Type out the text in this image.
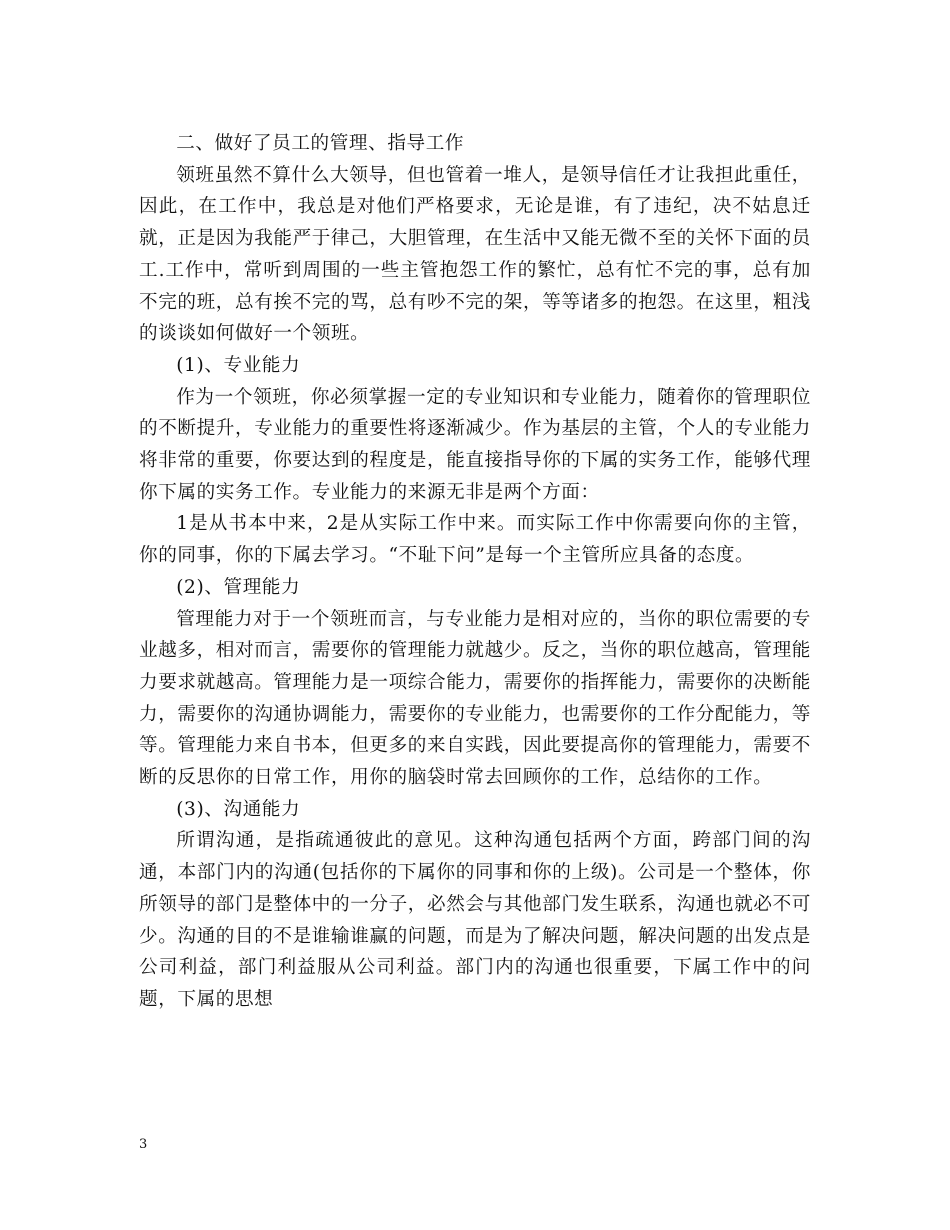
二、做好了员工的管理、指导工作

领班虽然不算什么大领导，但也管着一堆人，是领导信任才让我担此重任，因此，在工作中，我总是对他们严格要求，无论是谁，有了违纪，决不姑息迁就，正是因为我能严于律己，大胆管理，在生活中又能无微不至的关怀下面的员工.工作中，常听到周围的一些主管抱怨工作的繁忙，总有忙不完的事，总有加不完的班，总有挨不完的骂，总有吵不完的架，等等诸多的抱怨。在这里，粗浅的谈谈如何做好一个领班。

(1)、专业能力

作为一个领班，你必须掌握一定的专业知识和专业能力，随着你的管理职位的不断提升，专业能力的重要性将逐渐减少。作为基层的主管，个人的专业能力将非常的重要，你要达到的程度是，能直接指导你的下属的实务工作，能够代理你下属的实务工作。专业能力的来源无非是两个方面：

1是从书本中来，2是从实际工作中来。而实际工作中你需要向你的主管，你的同事，你的下属去学习。“不耻下问”是每一个主管所应具备的态度。

(2)、管理能力

管理能力对于一个领班而言，与专业能力是相对应的，当你的职位需要的专业越多，相对而言，需要你的管理能力就越少。反之，当你的职位越高，管理能力要求就越高。管理能力是一项综合能力，需要你的指挥能力，需要你的决断能力，需要你的沟通协调能力，需要你的专业能力，也需要你的工作分配能力，等等。管理能力来自书本，但更多的来自实践，因此要提高你的管理能力，需要不断的反思你的日常工作，用你的脑袋时常去回顾你的工作，总结你的工作。

(3)、沟通能力

所谓沟通，是指疏通彼此的意见。这种沟通包括两个方面，跨部门间的沟通，本部门内的沟通(包括你的下属你的同事和你的上级)。公司是一个整体，你所领导的部门是整体中的一分子，必然会与其他部门发生联系，沟通也就必不可少。沟通的目的不是谁输谁赢的问题，而是为了解决问题，解决问题的出发点是公司利益，部门利益服从公司利益。部门内的沟通也很重要，下属工作中的问题，下属的思想

3
